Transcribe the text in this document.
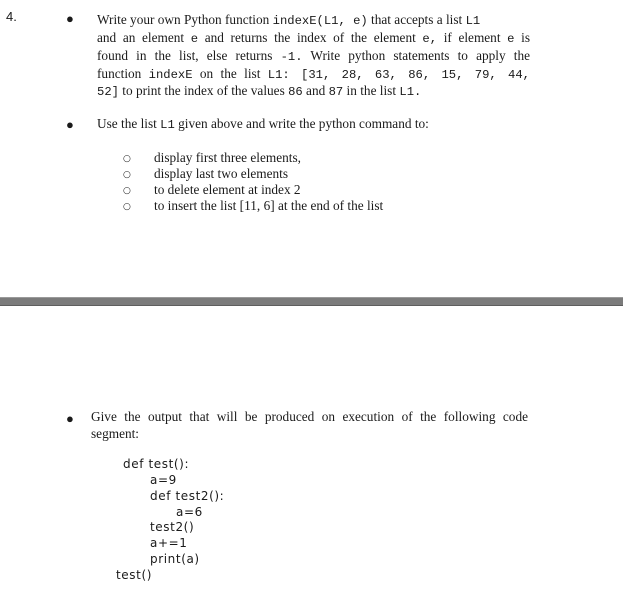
4.	● Write your own Python function indexE(L1, e) that accepts a list L1
and an element e and returns the index of the element e, if element e is
found in the list, else returns -1. Write python statements to apply the
function indexE on the list L1: [31, 28, 63, 86, 15, 79, 44,
52] to print the index of the values 86 and 87 in the list L1.
● Use the list L1 given above and write the python command to:
○ display first three elements,
○ display last two elements
○ to delete element at index 2
○ to insert the list [11, 6] at the end of the list
● Give the output that will be produced on execution of the following code
segment:
def test():
a=9
def test2():
a=6
test2()
a+=1
print(a)
test()
